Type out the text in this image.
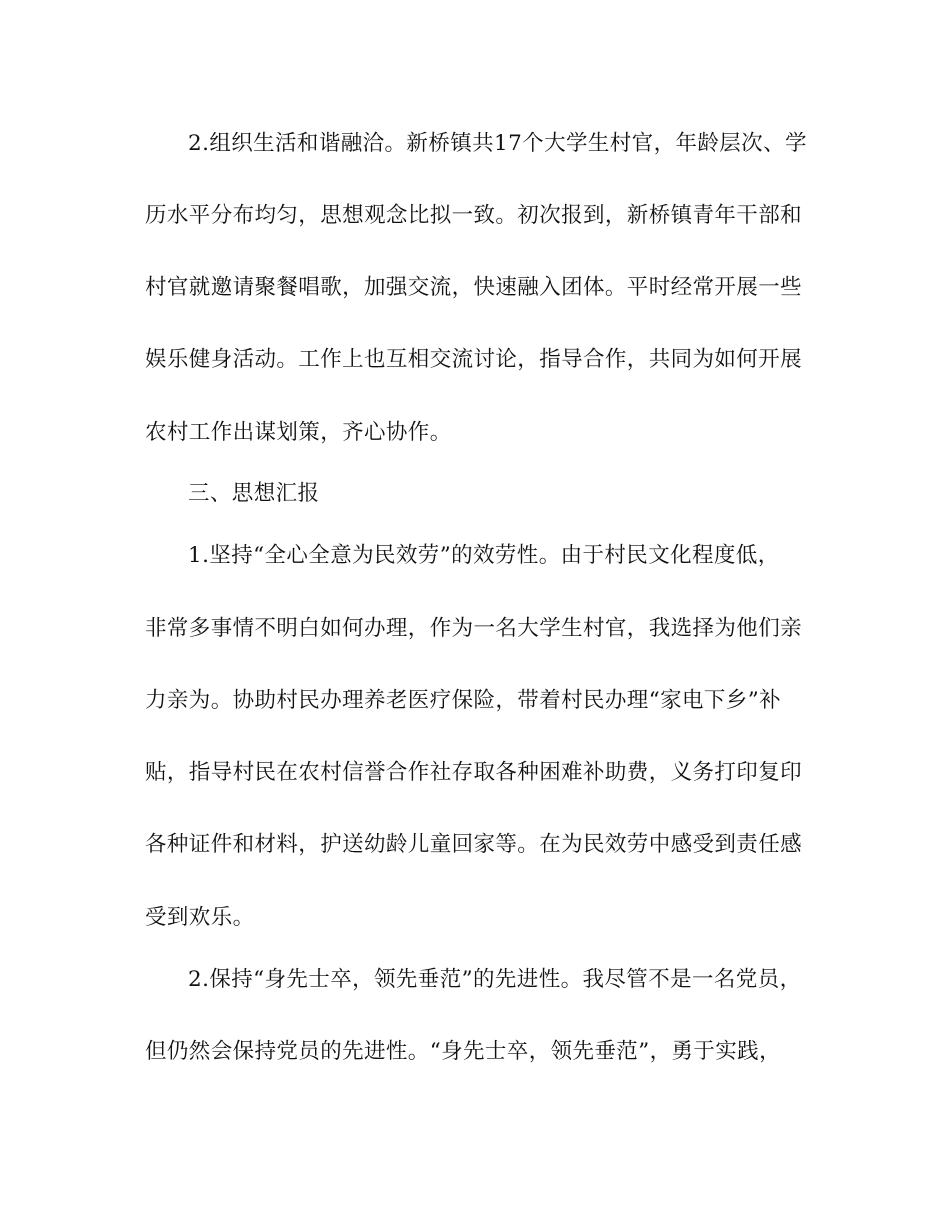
2.组织生活和谐融洽。新桥镇共17个大学生村官，年龄层次、学
历水平分布均匀，思想观念比拟一致。初次报到，新桥镇青年干部和
村官就邀请聚餐唱歌，加强交流，快速融入团体。平时经常开展一些
娱乐健身活动。工作上也互相交流讨论，指导合作，共同为如何开展
农村工作出谋划策，齐心协作。
三、思想汇报
1.坚持“全心全意为民效劳”的效劳性。由于村民文化程度低，
非常多事情不明白如何办理，作为一名大学生村官，我选择为他们亲
力亲为。协助村民办理养老医疗保险，带着村民办理“家电下乡”补
贴，指导村民在农村信誉合作社存取各种困难补助费，义务打印复印
各种证件和材料，护送幼龄儿童回家等。在为民效劳中感受到责任感
受到欢乐。
2.保持“身先士卒，领先垂范”的先进性。我尽管不是一名党员，
但仍然会保持党员的先进性。“身先士卒，领先垂范”，勇于实践，
